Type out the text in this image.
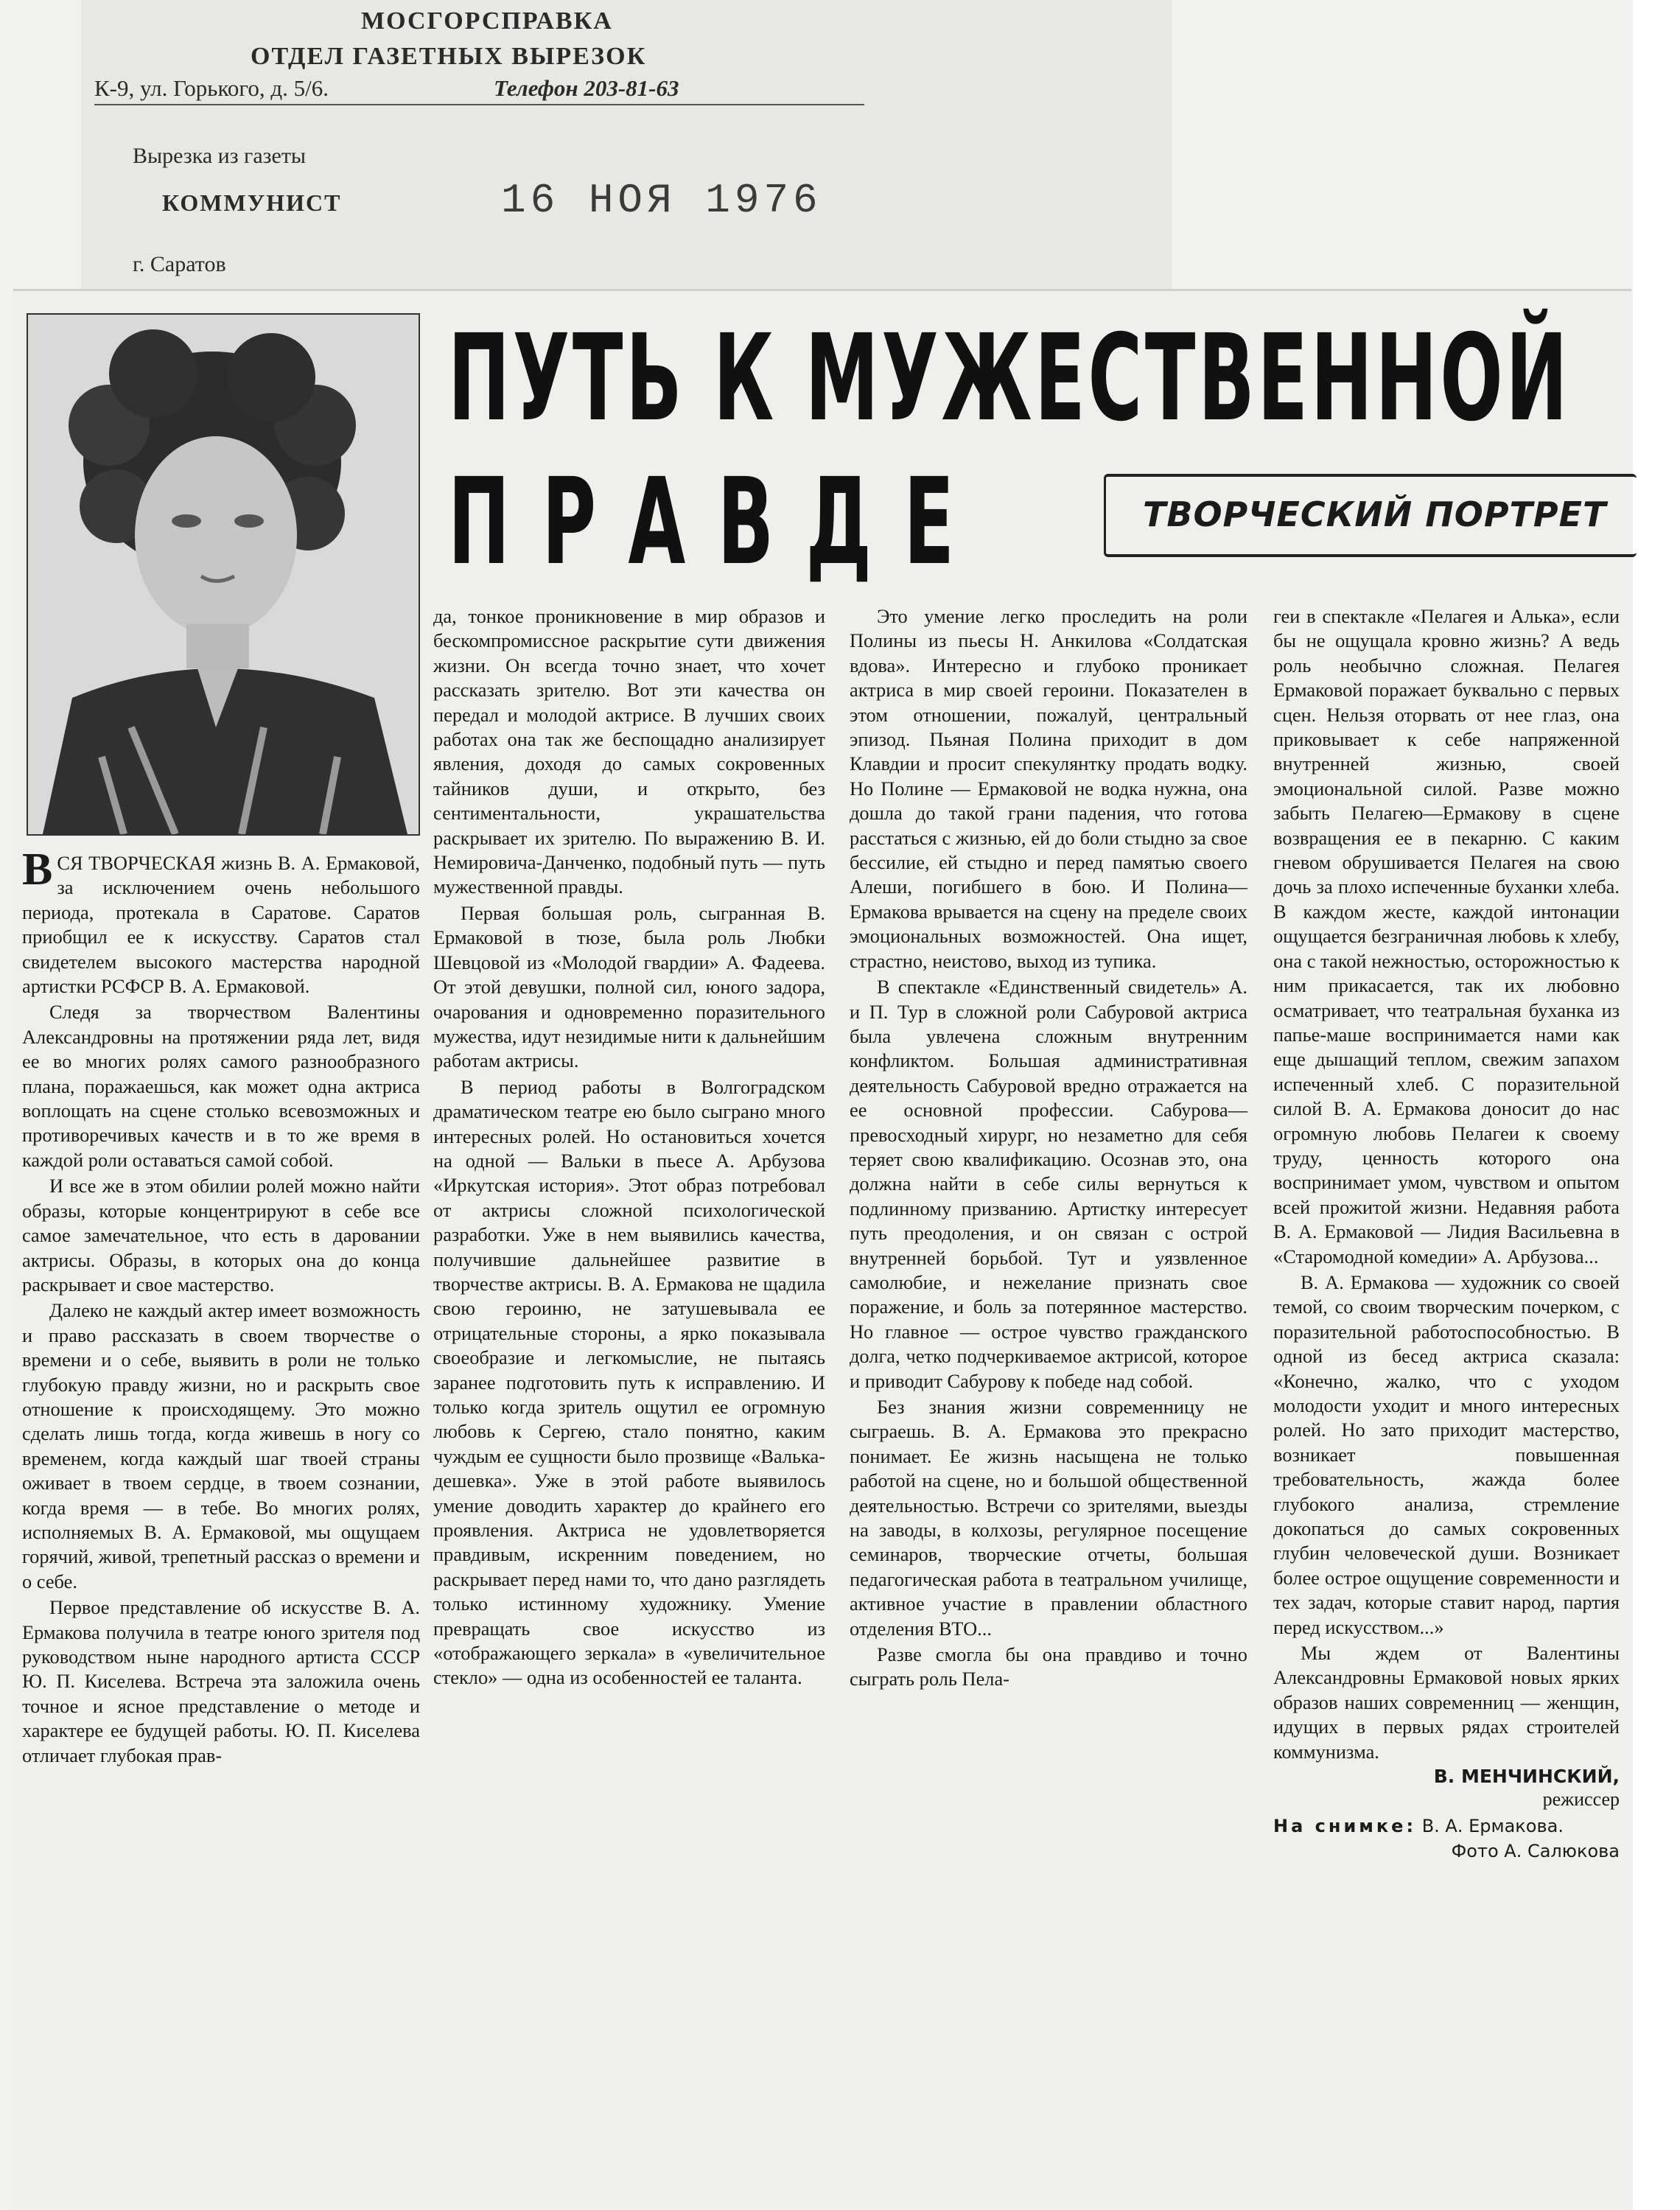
МОСГОРСПРАВКА
ОТДЕЛ ГАЗЕТНЫХ ВЫРЕЗОК
К-9, ул. Горького, д. 5/6.	Телефон 203-81-63
Вырезка из газеты
КОММУНИСТ	16 НОЯ 1976
г. Саратов
ПУТЬ К МУЖЕСТВЕННОЙ
ПРАВДЕ	ТВОРЧЕСКИЙ ПОРТРЕТ

ВСЯ ТВОРЧЕСКАЯ жизнь В. А. Ермаковой, за исключением очень небольшого периода, протекала в Саратове. Саратов приобщил ее к искусству. Саратов стал свидетелем высокого мастерства народной артистки РСФСР В. А. Ермаковой.

Следя за творчеством Валентины Александровны на протяжении ряда лет, видя ее во многих ролях самого разнообразного плана, поражаешься, как может одна актриса воплощать на сцене столько всевозможных и противоречивых качеств и в то же время в каждой роли оставаться самой собой.

И все же в этом обилии ролей можно найти образы, которые концентрируют в себе все самое замечательное, что есть в даровании актрисы. Образы, в которых она до конца раскрывает и свое мастерство.

Далеко не каждый актер имеет возможность и право рассказать в своем творчестве о времени и о себе, выявить в роли не только глубокую правду жизни, но и раскрыть свое отношение к происходящему. Это можно сделать лишь тогда, когда живешь в ногу со временем, когда каждый шаг твоей страны оживает в твоем сердце, в твоем сознании, когда время — в тебе. Во многих ролях, исполняемых В. А. Ермаковой, мы ощущаем горячий, живой, трепетный рассказ о времени и о себе.

Первое представление об искусстве В. А. Ермакова получила в театре юного зрителя под руководством ныне народного артиста СССР Ю. П. Киселева. Встреча эта заложила очень точное и ясное представление о методе и характере ее будущей работы. Ю. П. Киселева отличает глубокая прав-

да, тонкое проникновение в мир образов и бескомпромиссное раскрытие сути движения жизни. Он всегда точно знает, что хочет рассказать зрителю. Вот эти качества он передал и молодой актрисе. В лучших своих работах она так же беспощадно анализирует явления, доходя до самых сокровенных тайников души, и открыто, без сентиментальности, украшательства раскрывает их зрителю. По выражению В. И. Немировича-Данченко, подобный путь — путь мужественной правды.

Первая большая роль, сыгранная В. Ермаковой в тюзе, была роль Любки Шевцовой из «Молодой гвардии» А. Фадеева. От этой девушки, полной сил, юного задора, очарования и одновременно поразительного мужества, идут незидимые нити к дальнейшим работам актрисы.

В период работы в Волгоградском драматическом театре ею было сыграно много интересных ролей. Но остановиться хочется на одной — Вальки в пьесе А. Арбузова «Иркутская история». Этот образ потребовал от актрисы сложной психологической разработки. Уже в нем выявились качества, получившие дальнейшее развитие в творчестве актрисы. В. А. Ермакова не щадила свою героиню, не затушевывала ее отрицательные стороны, а ярко показывала своеобразие и легкомыслие, не пытаясь заранее подготовить путь к исправлению. И только когда зритель ощутил ее огромную любовь к Сергею, стало понятно, каким чуждым ее сущности было прозвище «Валька-дешевка». Уже в этой работе выявилось умение доводить характер до крайнего его проявления. Актриса не удовлетворяется правдивым, искренним поведением, но раскрывает перед нами то, что дано разглядеть только истинному художнику. Умение превращать свое искусство из «отображающего зеркала» в «увеличительное стекло» — одна из особенностей ее таланта.

Это умение легко проследить на роли Полины из пьесы Н. Анкилова «Солдатская вдова». Интересно и глубоко проникает актриса в мир своей героини. Показателен в этом отношении, пожалуй, центральный эпизод. Пьяная Полина приходит в дом Клавдии и просит спекулянтку продать водку. Но Полине — Ермаковой не водка нужна, она дошла до такой грани падения, что готова расстаться с жизнью, ей до боли стыдно за свое бессилие, ей стыдно и перед памятью своего Алеши, погибшего в бою. И Полина—Ермакова врывается на сцену на пределе своих эмоциональных возможностей. Она ищет, страстно, неистово, выход из тупика.

В спектакле «Единственный свидетель» А. и П. Тур в сложной роли Сабуровой актриса была увлечена сложным внутренним конфликтом. Большая административная деятельность Сабуровой вредно отражается на ее основной профессии. Сабурова—превосходный хирург, но незаметно для себя теряет свою квалификацию. Осознав это, она должна найти в себе силы вернуться к подлинному призванию. Артистку интересует путь преодоления, и он связан с острой внутренней борьбой. Тут и уязвленное самолюбие, и нежелание признать свое поражение, и боль за потерянное мастерство. Но главное — острое чувство гражданского долга, четко подчеркиваемое актрисой, которое и приводит Сабурову к победе над собой.

Без знания жизни современницу не сыграешь. В. А. Ермакова это прекрасно понимает. Ее жизнь насыщена не только работой на сцене, но и большой общественной деятельностью. Встречи со зрителями, выезды на заводы, в колхозы, регулярное посещение семинаров, творческие отчеты, большая педагогическая работа в театральном училище, активное участие в правлении областного отделения ВТО...

Разве смогла бы она правдиво и точно сыграть роль Пела-

геи в спектакле «Пелагея и Алька», если бы не ощущала кровно жизнь? А ведь роль необычно сложная. Пелагея Ермаковой поражает буквально с первых сцен. Нельзя оторвать от нее глаз, она приковывает к себе напряженной внутренней жизнью, своей эмоциональной силой. Разве можно забыть Пелагею—Ермакову в сцене возвращения ее в пекарню. С каким гневом обрушивается Пелагея на свою дочь за плохо испеченные буханки хлеба. В каждом жесте, каждой интонации ощущается безграничная любовь к хлебу, она с такой нежностью, осторожностью к ним прикасается, так их любовно осматривает, что театральная буханка из папье-маше воспринимается нами как еще дышащий теплом, свежим запахом испеченный хлеб. С поразительной силой В. А. Ермакова доносит до нас огромную любовь Пелагеи к своему труду, ценность которого она воспринимает умом, чувством и опытом всей прожитой жизни. Недавняя работа В. А. Ермаковой — Лидия Васильевна в «Старомодной комедии» А. Арбузова...

В. А. Ермакова — художник со своей темой, со своим творческим почерком, с поразительной работоспособностью. В одной из бесед актриса сказала: «Конечно, жалко, что с уходом молодости уходит и много интересных ролей. Но зато приходит мастерство, возникает повышенная требовательность, жажда более глубокого анализа, стремление докопаться до самых сокровенных глубин человеческой души. Возникает более острое ощущение современности и тех задач, которые ставит народ, партия перед искусством...»

Мы ждем от Валентины Александровны Ермаковой новых ярких образов наших современниц — женщин, идущих в первых рядах строителей коммунизма.

В. МЕНЧИНСКИЙ,
режиссер
На снимке: В. А. Ермакова.
Фото А. Салюкова
